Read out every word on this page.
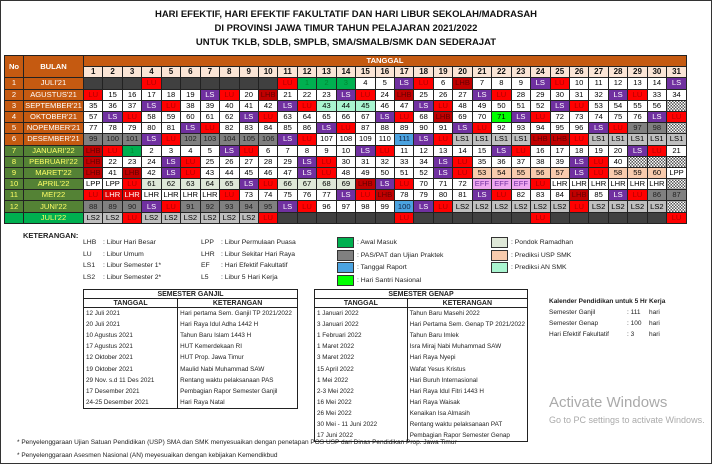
HARI EFEKTIF, HARI EFEKTIF FAKULTATIF DAN HARI LIBUR SEKOLAH/MADRASAH
DI PROVINSI JAWA TIMUR TAHUN PELAJARAN 2021/2022
UNTUK TKLB, SDLB, SMPLB, SMA/SMALB/SMK DAN SEDERAJAT
No	BULAN	TANGGAL																														
		1	2	3	4	5	6	7	8	9	10	11	12	13	14	15	16	17	18	19	20	21	22	23	24	25	26	27	28	29	30	31
1	JULI'21				LU							LU	1	2	3	4	5	LS	LU	6	LHB	7	8	9	LS	LU	10	11	12	13	14	LS
2	AGUSTUS'21	LU	15	16	17	18	19	LS	LU	20	LHB	21	22	23	LS	LU	24	LHB	25	26	27	LS	LU	28	29	30	31	32	LS	LU	33	34
3	SEPTEMBER'21	35	36	37	LS	LU	38	39	40	41	42	LS	LU	43	44	45	46	47	LS	LU	48	49	50	51	52	LS	LU	53	54	55	56	
4	OKTOBER'21	57	LS	LU	58	59	60	61	62	LS	LU	63	64	65	66	67	LS	LU	68	LHB	69	70	71	LS	LU	72	73	74	75	76	LS	LU
5	NOPEMBER'21	77	78	79	80	81	LS	LU	82	83	84	85	86	LS	LU	87	88	89	90	91	LS	LU	92	93	94	95	96	LS	LU	97	98	
6	DESEMBER'21	99	100	101	LS	LU	102	103	104	105	106	LS	LU	107	108	109	110	111	LS	LU	LS1	LS1	LS1	LS1	LHB	LHB	LU	LS1	LS1	LS1	LS1	LS1
7	JANUARI'22	LHB	LU	1	2	3	4	5	LS	LU	6	7	8	9	10	LS	LU	11	12	13	14	15	LS	LU	16	17	18	19	20	LS	LU	21
8	PEBRUARI'22	LHB	22	23	24	LS	LU	25	26	27	28	29	LS	LU	30	31	32	33	34	LS	LU	35	36	37	38	39	LS	LU	40			
9	MARET'22	LHB	41	LHB	42	LS	LU	43	44	45	46	47	LS	LU	48	49	50	51	52	LS	LU	53	54	55	56	57	LS	LU	58	59	60	LPP
10	APRIL'22	LPP	LPP	LU	61	62	63	64	65	LS	LU	66	67	68	69	LHB	LS	LU	70	71	72	EFF	EFF	EFF	LU	LHR	LHR	LHR	LHR	LHR	LHR	
11	MEI'22	LU	LHR	LHR	LHR	LHR	LHR	LHR	LU	73	74	75	76	77	LS	LU	LHB	78	79	80	81	LS	LU	82	83	84	LHB	85	LS	LU	86	87
12	JUNI'22	88	89	90	LS	LU	91	92	93	94	95	LS	LU	96	97	98	99	100	LS	LU	LS2	LS2	LS2	LS2	LS2	LS2	LU	LS2	LS2	LS2	LS2	
	JULI'22	LS2	LS2	LU	LS2	LS2	LS2	LS2	LS2	LS2	LU							LU							LU							LU
KETERANGAN:
LHB : Libur Hari Besar
LU : Libur Umum
LS1 : Libur Semester 1*
LS2 : Libur Semester 2*
LPP : Libur Permulaan Puasa
LHR : Libur Sekitar Hari Raya
EF : Hari Efektif Fakultatif
L5 : Libur 5 Hari Kerja
: Awal Masuk
: PAS/PAT dan Ujian Praktek
: Tanggal Raport
: Hari Santri Nasional
: Pondok Ramadhan
: Prediksi USP SMK
: Prediksi AN SMK
SEMESTER GANJIL	
TANGGAL	KETERANGAN
12 Juli 2021	Hari pertama Sem. Ganjil TP 2021/2022
20 Juli 2021	Hari Raya Idul Adha 1442 H
10 Agustus 2021	Tahun Baru Islam 1443 H
17 Agustus 2021	HUT Kemerdekaan RI
12 Oktober 2021	HUT Prop. Jawa Timur
19 Oktober 2021	Maulid Nabi Muhammad SAW
29 Nov. s.d 11 Des 2021	Rentang waktu pelaksanaan PAS
17 Desember 2021	Pembagian Rapor Semester Ganjil
24-25 Desember 2021	Hari Raya Natal
SEMESTER GENAP	
TANGGAL	KETERANGAN
1 Januari 2022	Tahun Baru Masehi 2022
3 Januari 2022	Hari Pertama Sem. Genap TP 2021/2022
1 Februari 2022	Tahun Baru Imlek
1 Maret 2022	Isra Miraj Nabi Muhammad SAW
3 Maret 2022	Hari Raya Nyepi
15 April 2022	Wafat Yesus Kristus
1 Mei 2022	Hari Buruh Internasional
2-3 Mei 2022	Hari Raya Idul Fitri 1443 H
16 Mei 2022	Hari Raya Waisak
26 Mei 2022	Kenaikan Isa Almasih
30 Mei - 11 Juni 2022	Rentang waktu pelaksanaan PAT
17 Juni 2022	Pembagian Rapor Semester Genap
Kalender Pendidikan untuk 5 Hr Kerja
Semester Ganjil	: 111 hari
Semester Genap	: 100 hari
Hari Efektif Fakultatif	: 3 hari
* Penyelenggaraan Ujian Satuan Pendidikan (USP) SMA dan SMK menyesuaikan dengan penetapan POS USP dari Dinas Pendidikan Prop. Jawa Timur
* Penyelenggaraan Asesmen Nasional (AN) meyesuaikan dengan kebijakan Kemendikbud
Activate Windows
Go to PC settings to activate Windows.
